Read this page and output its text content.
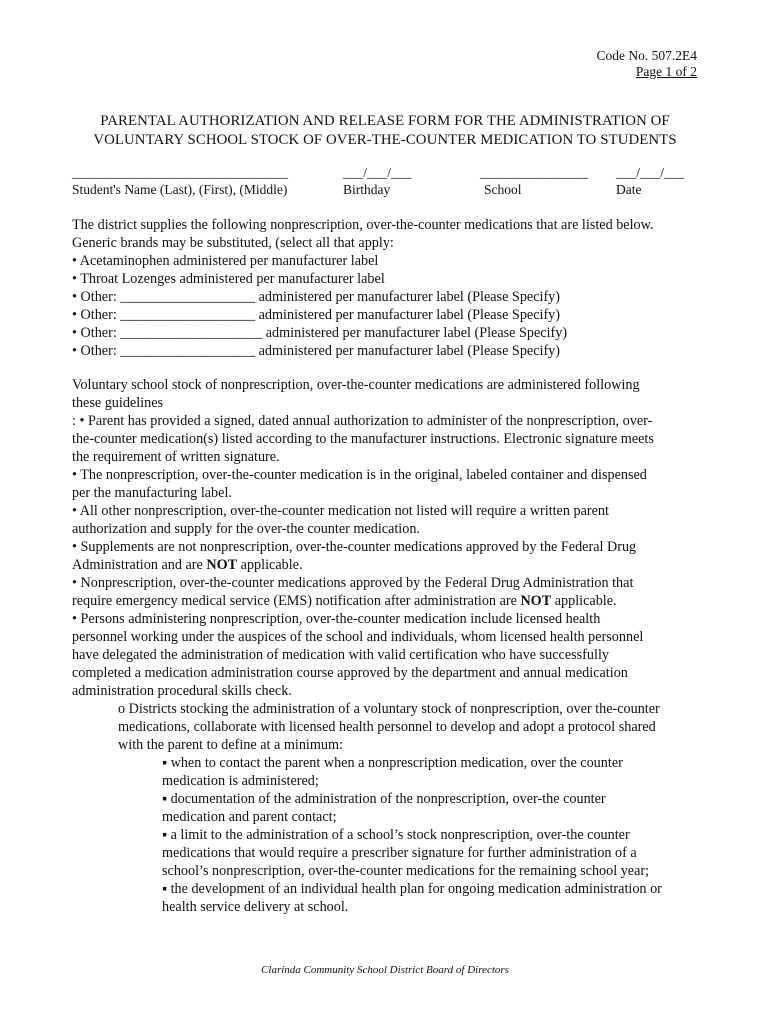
Code No. 507.2E4
Page 1 of 2
PARENTAL AUTHORIZATION AND RELEASE FORM FOR THE ADMINISTRATION OF
VOLUNTARY SCHOOL STOCK OF OVER-THE-COUNTER MEDICATION TO STUDENTS
________________________________
Student's Name (Last), (First), (Middle)
___/___/___
Birthday
________________
School
___/___/___
Date
The district supplies the following nonprescription, over-the-counter medications that are listed below.
Generic brands may be substituted, (select all that apply:
• Acetaminophen administered per manufacturer label
• Throat Lozenges administered per manufacturer label
• Other: ___________________ administered per manufacturer label (Please Specify)
• Other: ___________________ administered per manufacturer label (Please Specify)
• Other: ____________________ administered per manufacturer label (Please Specify)
• Other: ___________________ administered per manufacturer label (Please Specify)
Voluntary school stock of nonprescription, over-the-counter medications are administered following
these guidelines
: • Parent has provided a signed, dated annual authorization to administer of the nonprescription, over-
the-counter medication(s) listed according to the manufacturer instructions. Electronic signature meets
the requirement of written signature.
• The nonprescription, over-the-counter medication is in the original, labeled container and dispensed
per the manufacturing label.
• All other nonprescription, over-the-counter medication not listed will require a written parent
authorization and supply for the over-the counter medication.
• Supplements are not nonprescription, over-the-counter medications approved by the Federal Drug
Administration and are NOT applicable.
• Nonprescription, over-the-counter medications approved by the Federal Drug Administration that
require emergency medical service (EMS) notification after administration are NOT applicable.
• Persons administering nonprescription, over-the-counter medication include licensed health
personnel working under the auspices of the school and individuals, whom licensed health personnel
have delegated the administration of medication with valid certification who have successfully
completed a medication administration course approved by the department and annual medication
administration procedural skills check.
o Districts stocking the administration of a voluntary stock of nonprescription, over the-counter
medications, collaborate with licensed health personnel to develop and adopt a protocol shared
with the parent to define at a minimum:
▪ when to contact the parent when a nonprescription medication, over the counter
medication is administered;
▪ documentation of the administration of the nonprescription, over-the counter
medication and parent contact;
▪ a limit to the administration of a school’s stock nonprescription, over-the counter
medications that would require a prescriber signature for further administration of a
school’s nonprescription, over-the-counter medications for the remaining school year;
▪ the development of an individual health plan for ongoing medication administration or
health service delivery at school.
Clarinda Community School District Board of Directors
